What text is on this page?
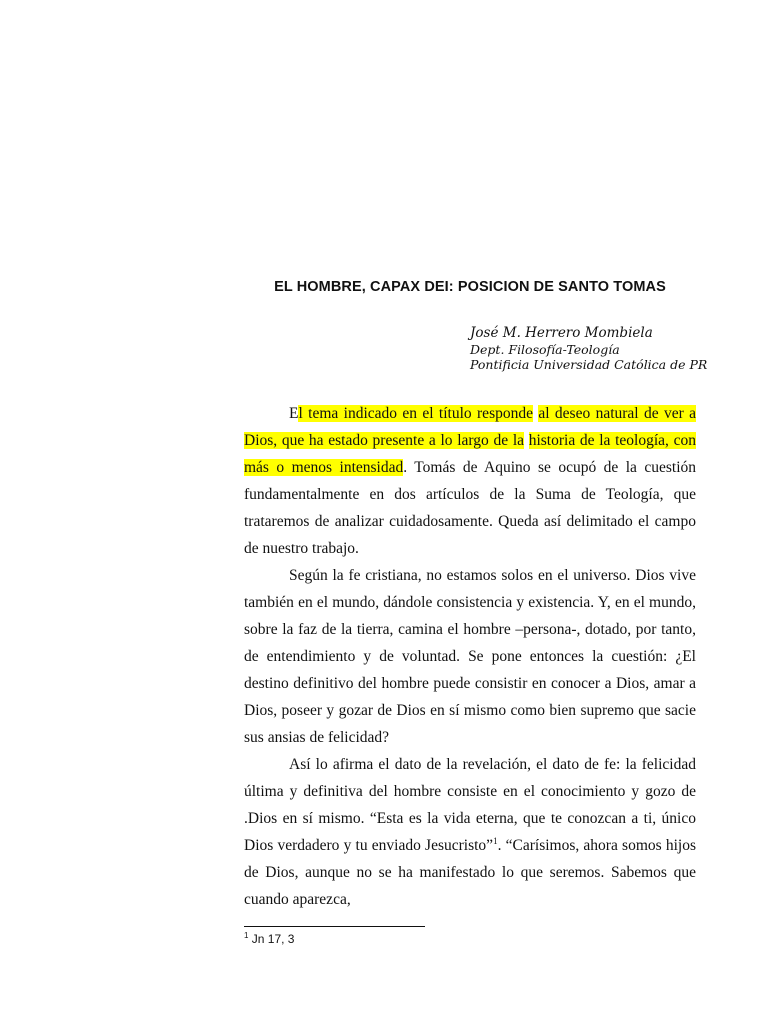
EL HOMBRE, CAPAX DEI: POSICION DE SANTO TOMAS
José M. Herrero Mombiela
Dept. Filosofía-Teología
Pontificia Universidad Católica de PR

El tema indicado en el título responde al deseo natural de ver a Dios, que ha estado presente a lo largo de la historia de la teología, con más o menos intensidad. Tomás de Aquino se ocupó de la cuestión fundamentalmente en dos artículos de la Suma de Teología, que trataremos de analizar cuidadosamente. Queda así delimitado el campo de nuestro trabajo.

Según la fe cristiana, no estamos solos en el universo. Dios vive también en el mundo, dándole consistencia y existencia. Y, en el mundo, sobre la faz de la tierra, camina el hombre –persona-, dotado, por tanto, de entendimiento y de voluntad. Se pone entonces la cuestión: ¿El destino definitivo del hombre puede consistir en conocer a Dios, amar a Dios, poseer y gozar de Dios en sí mismo como bien supremo que sacie sus ansias de felicidad?

Así lo afirma el dato de la revelación, el dato de fe: la felicidad última y definitiva del hombre consiste en el conocimiento y gozo de .Dios en sí mismo. “Esta es la vida eterna, que te conozcan a ti, único Dios verdadero y tu enviado Jesucristo”$^1$. “Carísimos, ahora somos hijos de Dios, aunque no se ha manifestado lo que seremos. Sabemos que cuando aparezca,

$^1$ Jn 17, 3
